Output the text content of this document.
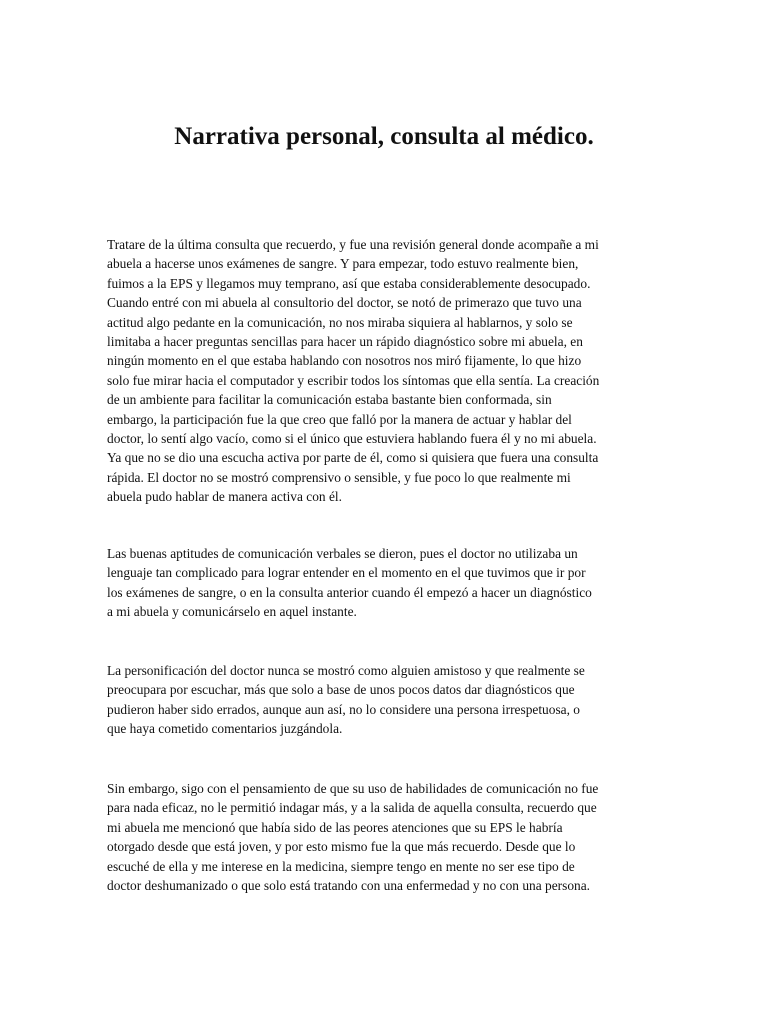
Narrativa personal, consulta al médico.

Tratare de la última consulta que recuerdo, y fue una revisión general donde acompañe a mi
abuela a hacerse unos exámenes de sangre. Y para empezar, todo estuvo realmente bien,
fuimos a la EPS y llegamos muy temprano, así que estaba considerablemente desocupado.
Cuando entré con mi abuela al consultorio del doctor, se notó de primerazo que tuvo una
actitud algo pedante en la comunicación, no nos miraba siquiera al hablarnos, y solo se
limitaba a hacer preguntas sencillas para hacer un rápido diagnóstico sobre mi abuela, en
ningún momento en el que estaba hablando con nosotros nos miró fijamente, lo que hizo
solo fue mirar hacia el computador y escribir todos los síntomas que ella sentía. La creación
de un ambiente para facilitar la comunicación estaba bastante bien conformada, sin
embargo, la participación fue la que creo que falló por la manera de actuar y hablar del
doctor, lo sentí algo vacío, como si el único que estuviera hablando fuera él y no mi abuela.
Ya que no se dio una escucha activa por parte de él, como si quisiera que fuera una consulta
rápida. El doctor no se mostró comprensivo o sensible, y fue poco lo que realmente mi
abuela pudo hablar de manera activa con él.

Las buenas aptitudes de comunicación verbales se dieron, pues el doctor no utilizaba un
lenguaje tan complicado para lograr entender en el momento en el que tuvimos que ir por
los exámenes de sangre, o en la consulta anterior cuando él empezó a hacer un diagnóstico
a mi abuela y comunicárselo en aquel instante.

La personificación del doctor nunca se mostró como alguien amistoso y que realmente se
preocupara por escuchar, más que solo a base de unos pocos datos dar diagnósticos que
pudieron haber sido errados, aunque aun así, no lo considere una persona irrespetuosa, o
que haya cometido comentarios juzgándola.

Sin embargo, sigo con el pensamiento de que su uso de habilidades de comunicación no fue
para nada eficaz, no le permitió indagar más, y a la salida de aquella consulta, recuerdo que
mi abuela me mencionó que había sido de las peores atenciones que su EPS le habría
otorgado desde que está joven, y por esto mismo fue la que más recuerdo. Desde que lo
escuché de ella y me interese en la medicina, siempre tengo en mente no ser ese tipo de
doctor deshumanizado o que solo está tratando con una enfermedad y no con una persona.
